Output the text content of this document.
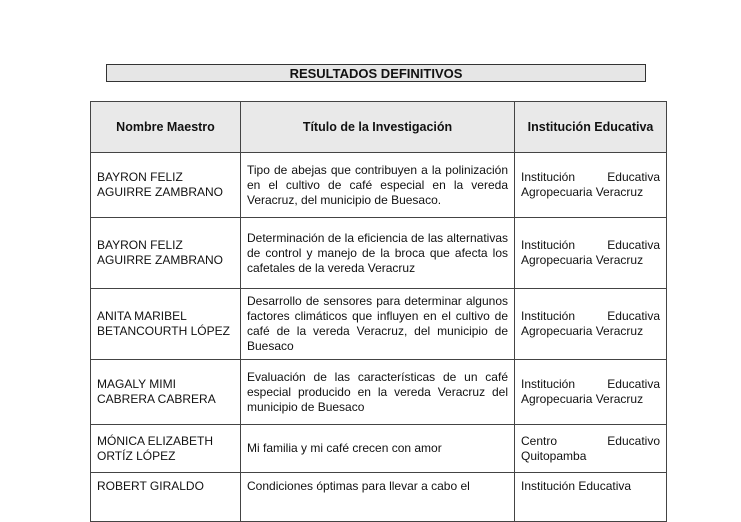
RESULTADOS DEFINITIVOS
Nombre Maestro	Título de la Investigación	Institución Educativa
BAYRON FELIZ AGUIRRE ZAMBRANO	Tipo de abejas que contribuyen a la polinización en el cultivo de café especial en la vereda Veracruz, del municipio de Buesaco.	Institución Educativa Agropecuaria Veracruz
BAYRON FELIZ AGUIRRE ZAMBRANO	Determinación de la eficiencia de las alternativas de control y manejo de la broca que afecta los cafetales de la vereda Veracruz	Institución Educativa Agropecuaria Veracruz
ANITA MARIBEL BETANCOURTH LÓPEZ	Desarrollo de sensores para determinar algunos factores climáticos que influyen en el cultivo de café de la vereda Veracruz, del municipio de Buesaco	Institución Educativa Agropecuaria Veracruz
MAGALY MIMI CABRERA CABRERA	Evaluación de las características de un café especial producido en la vereda Veracruz del municipio de Buesaco	Institución Educativa Agropecuaria Veracruz
MÓNICA ELIZABETH ORTÍZ LÓPEZ	Mi familia y mi café crecen con amor	Centro Educativo Quitopamba
ROBERT GIRALDO	Condiciones óptimas para llevar a cabo el	Institución Educativa
